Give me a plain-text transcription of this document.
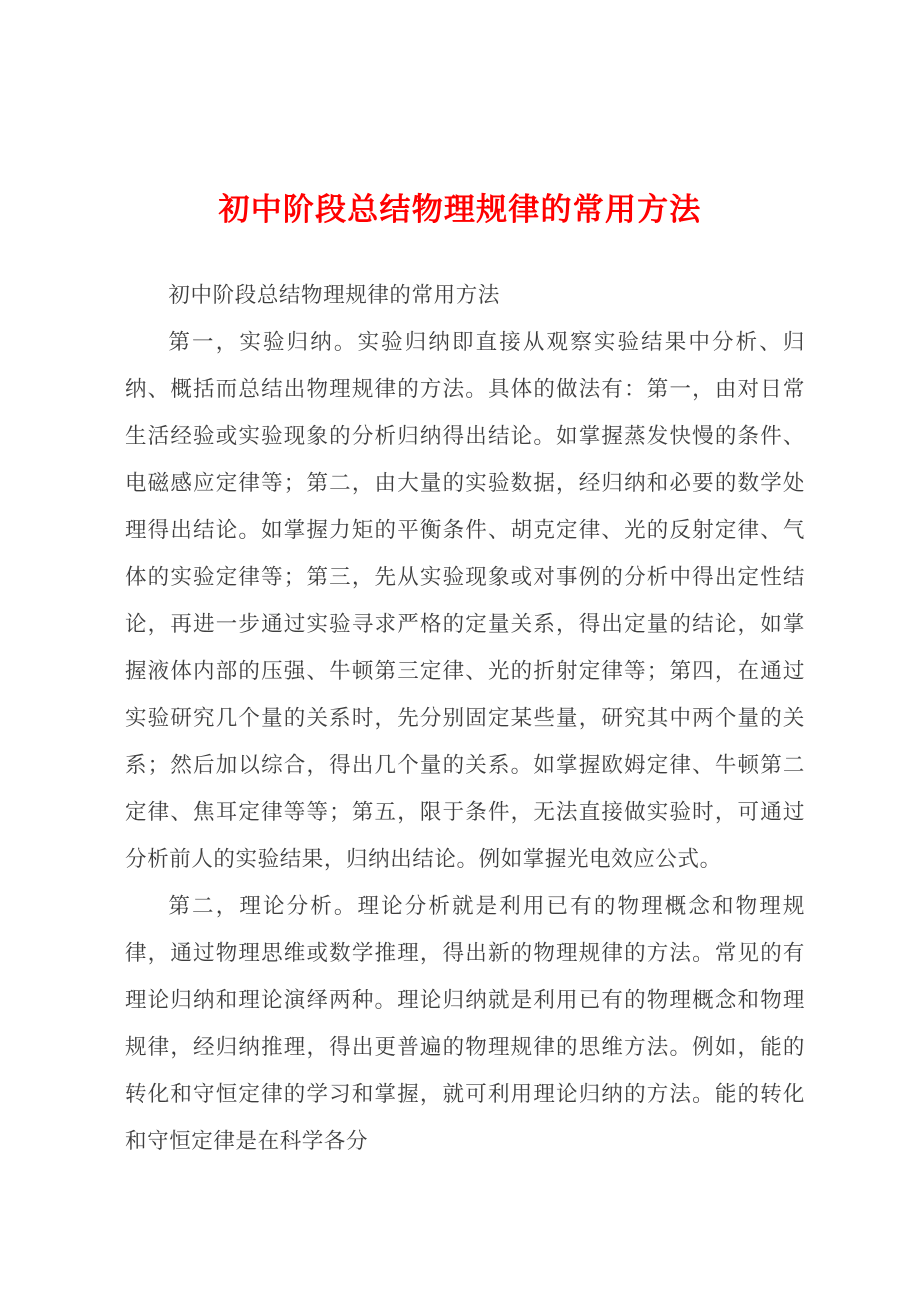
初中阶段总结物理规律的常用方法

初中阶段总结物理规律的常用方法

第一，实验归纳。实验归纳即直接从观察实验结果中分析、归纳、概括而总结出物理规律的方法。具体的做法有：第一，由对日常生活经验或实验现象的分析归纳得出结论。如掌握蒸发快慢的条件、电磁感应定律等；第二，由大量的实验数据，经归纳和必要的数学处理得出结论。如掌握力矩的平衡条件、胡克定律、光的反射定律、气体的实验定律等；第三，先从实验现象或对事例的分析中得出定性结论，再进一步通过实验寻求严格的定量关系，得出定量的结论，如掌握液体内部的压强、牛顿第三定律、光的折射定律等；第四，在通过实验研究几个量的关系时，先分别固定某些量，研究其中两个量的关系；然后加以综合，得出几个量的关系。如掌握欧姆定律、牛顿第二定律、焦耳定律等等；第五，限于条件，无法直接做实验时，可通过分析前人的实验结果，归纳出结论。例如掌握光电效应公式。

第二，理论分析。理论分析就是利用已有的物理概念和物理规律，通过物理思维或数学推理，得出新的物理规律的方法。常见的有理论归纳和理论演绎两种。理论归纳就是利用已有的物理概念和物理规律，经归纳推理，得出更普遍的物理规律的思维方法。例如，能的转化和守恒定律的学习和掌握，就可利用理论归纳的方法。能的转化和守恒定律是在科学各分
